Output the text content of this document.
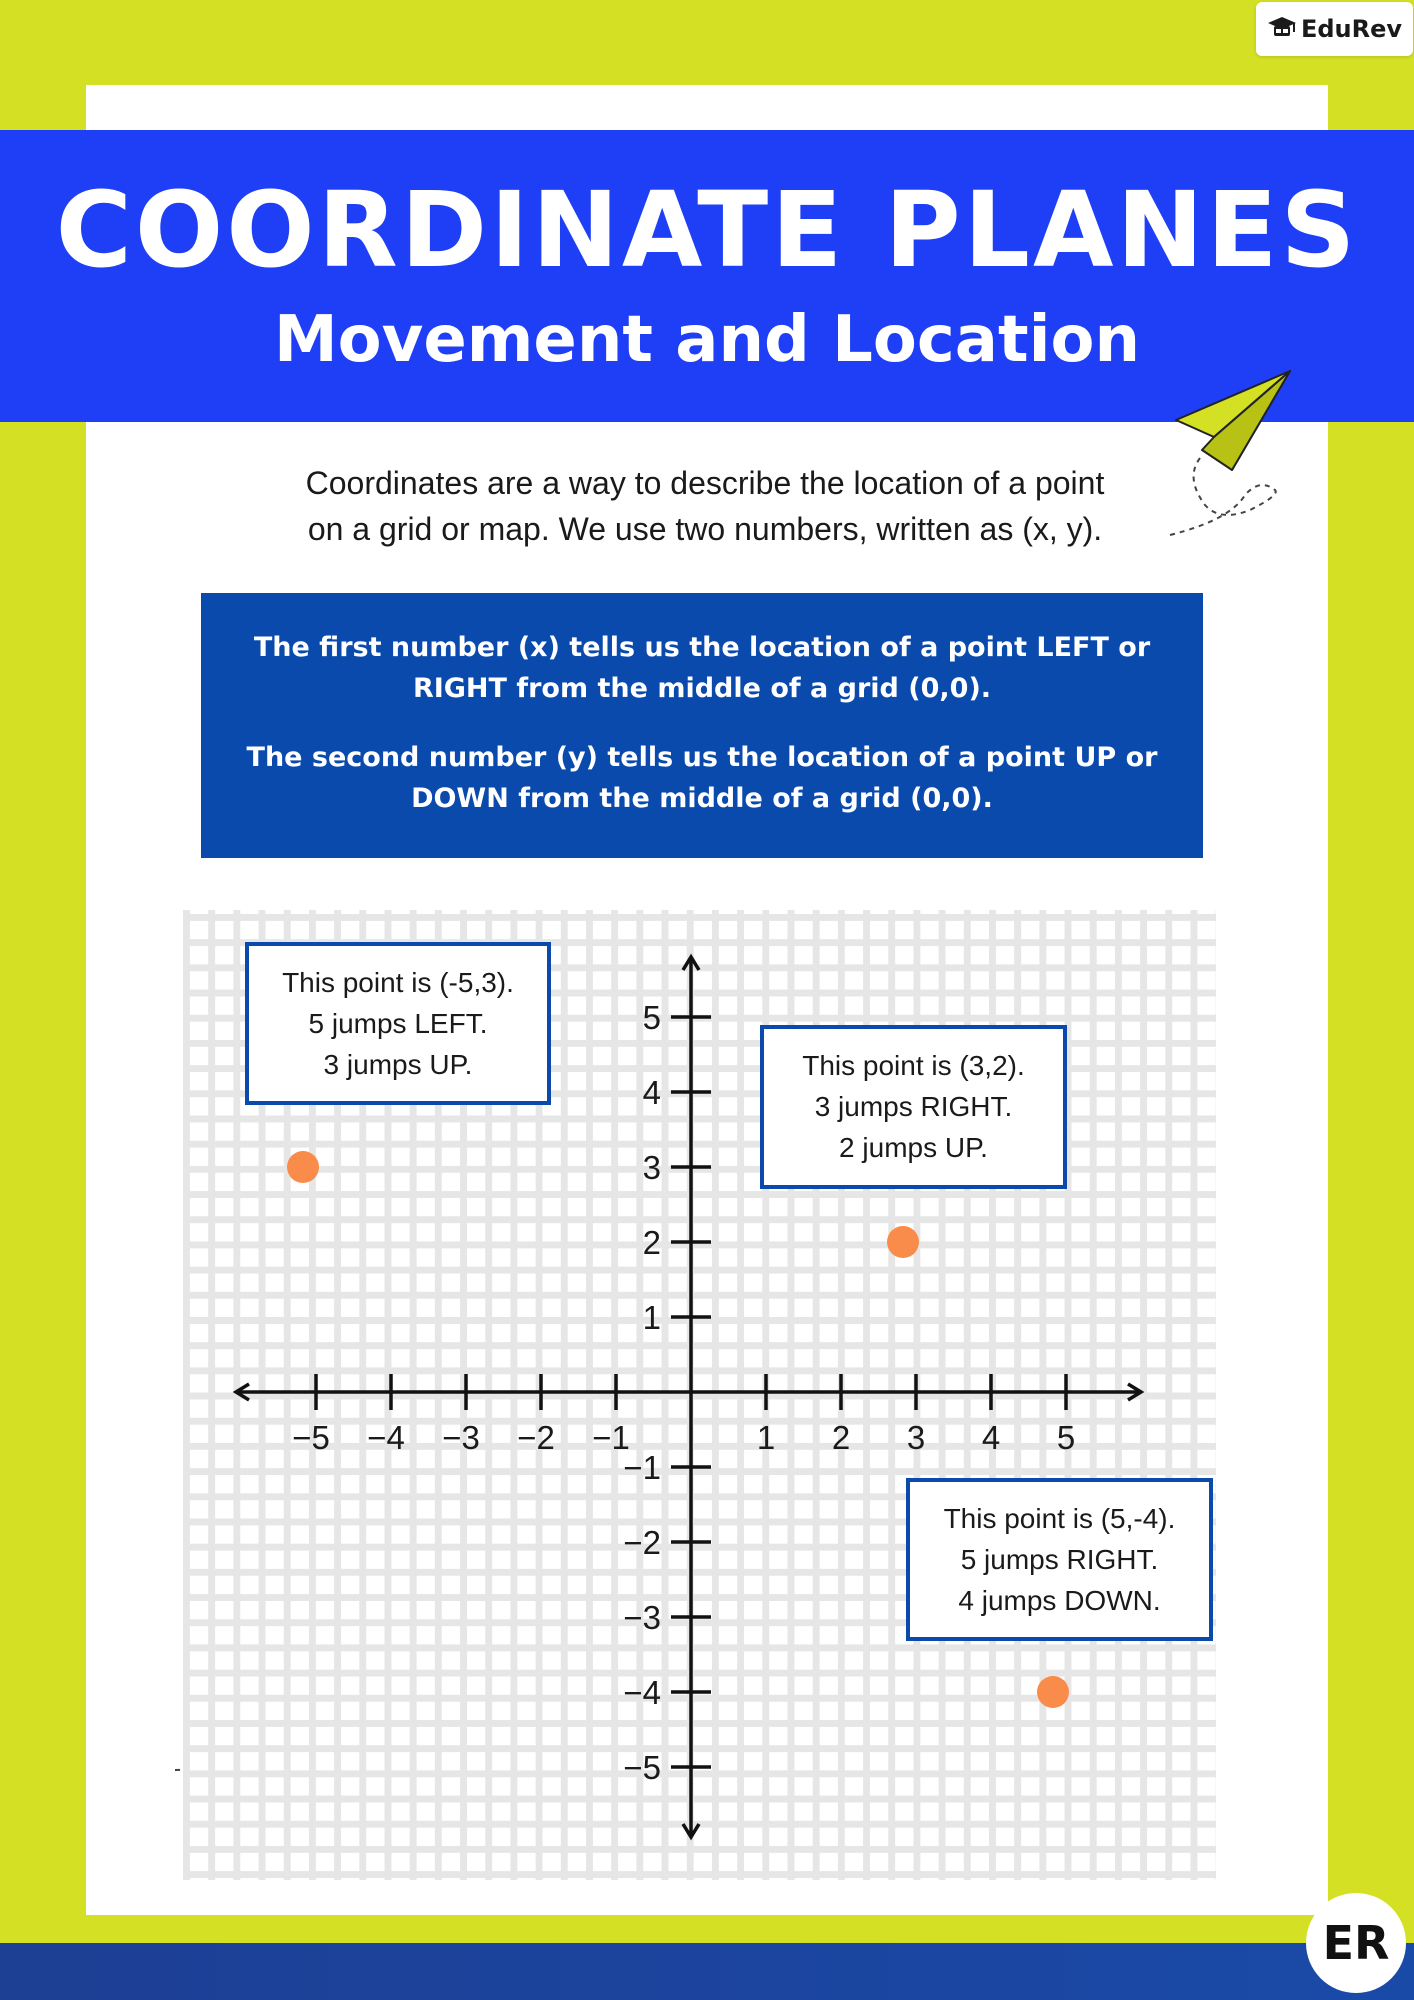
EduRev
COORDINATE PLANES
Movement and Location
Coordinates are a way to describe the location of a point
on a grid or map. We use two numbers, written as (x, y).

The first number (x) tells us the location of a point LEFT or
RIGHT from the middle of a grid (0,0).

The second number (y) tells us the location of a point UP or
DOWN from the middle of a grid (0,0).

−5 −4 −3 −2 −1	1 2 3 4 5
5
4
3
2
1
−1
−2
−3
−4
−5
This point is (-5,3).
5 jumps LEFT.
3 jumps UP.	This point is (3,2).
3 jumps RIGHT.
2 jumps UP.
This point is (5,-4).
5 jumps RIGHT.
4 jumps DOWN.
ER
